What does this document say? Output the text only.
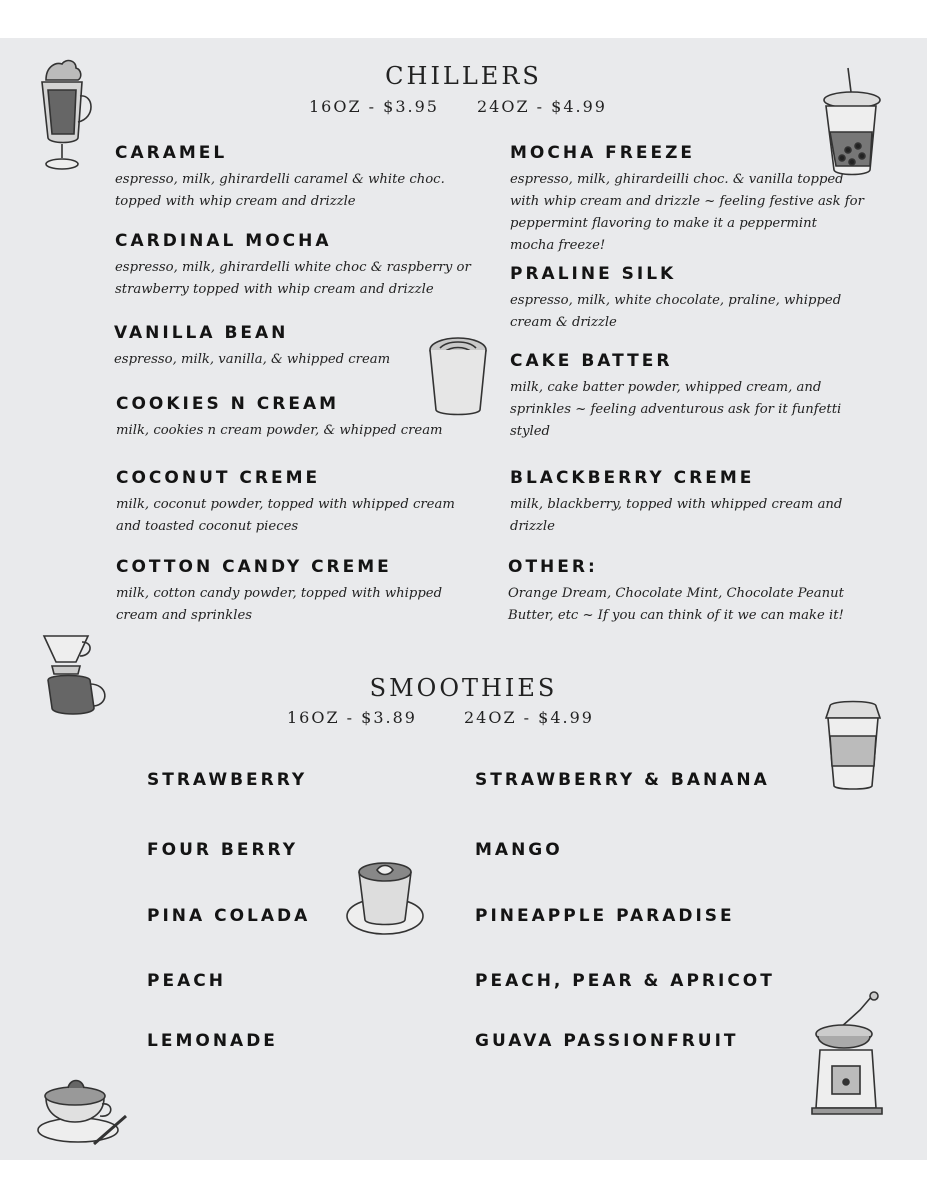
CHILLERS
16OZ - $3.95 24OZ - $4.99
CARAMEL

espresso, milk, ghirardelli caramel & white choc. topped with whip cream and drizzle

CARDINAL MOCHA

espresso, milk, ghirardelli white choc & raspberry or strawberry topped with whip cream and drizzle

VANILLA BEAN

espresso, milk, vanilla, & whipped cream

COOKIES N CREAM

milk, cookies n cream powder, & whipped cream

COCONUT CREME

milk, coconut powder, topped with whipped cream and toasted coconut pieces

COTTON CANDY CREME

milk, cotton candy powder, topped with whipped cream and sprinkles

MOCHA FREEZE

espresso, milk, ghirardeilli choc. & vanilla topped with whip cream and drizzle ~ feeling festive ask for peppermint flavoring to make it a peppermint mocha freeze!

PRALINE SILK

espresso, milk, white chocolate, praline, whipped cream & drizzle

CAKE BATTER

milk, cake batter powder, whipped cream, and sprinkles ~ feeling adventurous ask for it funfetti styled

BLACKBERRY CREME

milk, blackberry, topped with whipped cream and drizzle

OTHER:

Orange Dream, Chocolate Mint, Chocolate Peanut Butter, etc ~ If you can think of it we can make it!

SMOOTHIES
16OZ - $3.89	24OZ - $4.99
STRAWBERRY
FOUR BERRY
PINA COLADA
PEACH
LEMONADE
STRAWBERRY & BANANA
MANGO
PINEAPPLE PARADISE
PEACH, PEAR & APRICOT
GUAVA PASSIONFRUIT
